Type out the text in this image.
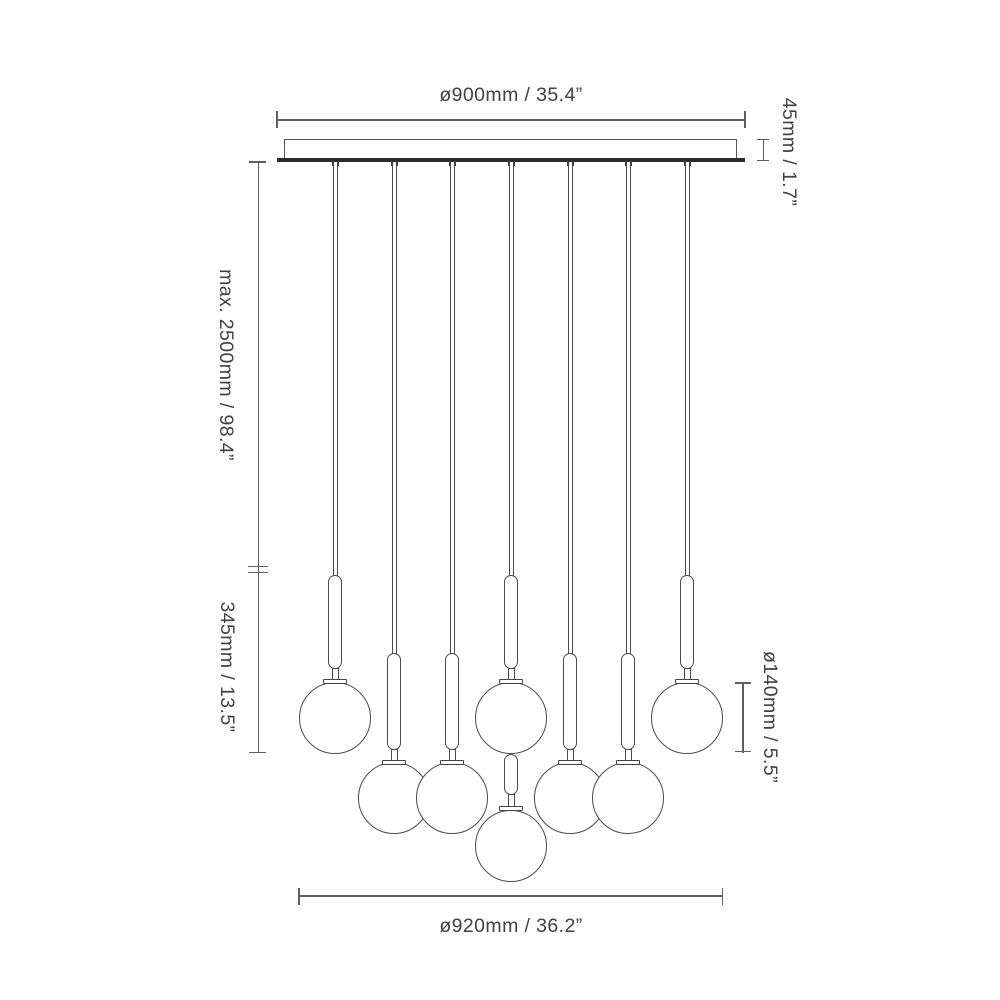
ø900mm / 35.4”
45mm / 1.7”
max. 2500mm / 98.4”
345mm / 13.5”	ø140mm / 5.5”
ø920mm / 36.2”
